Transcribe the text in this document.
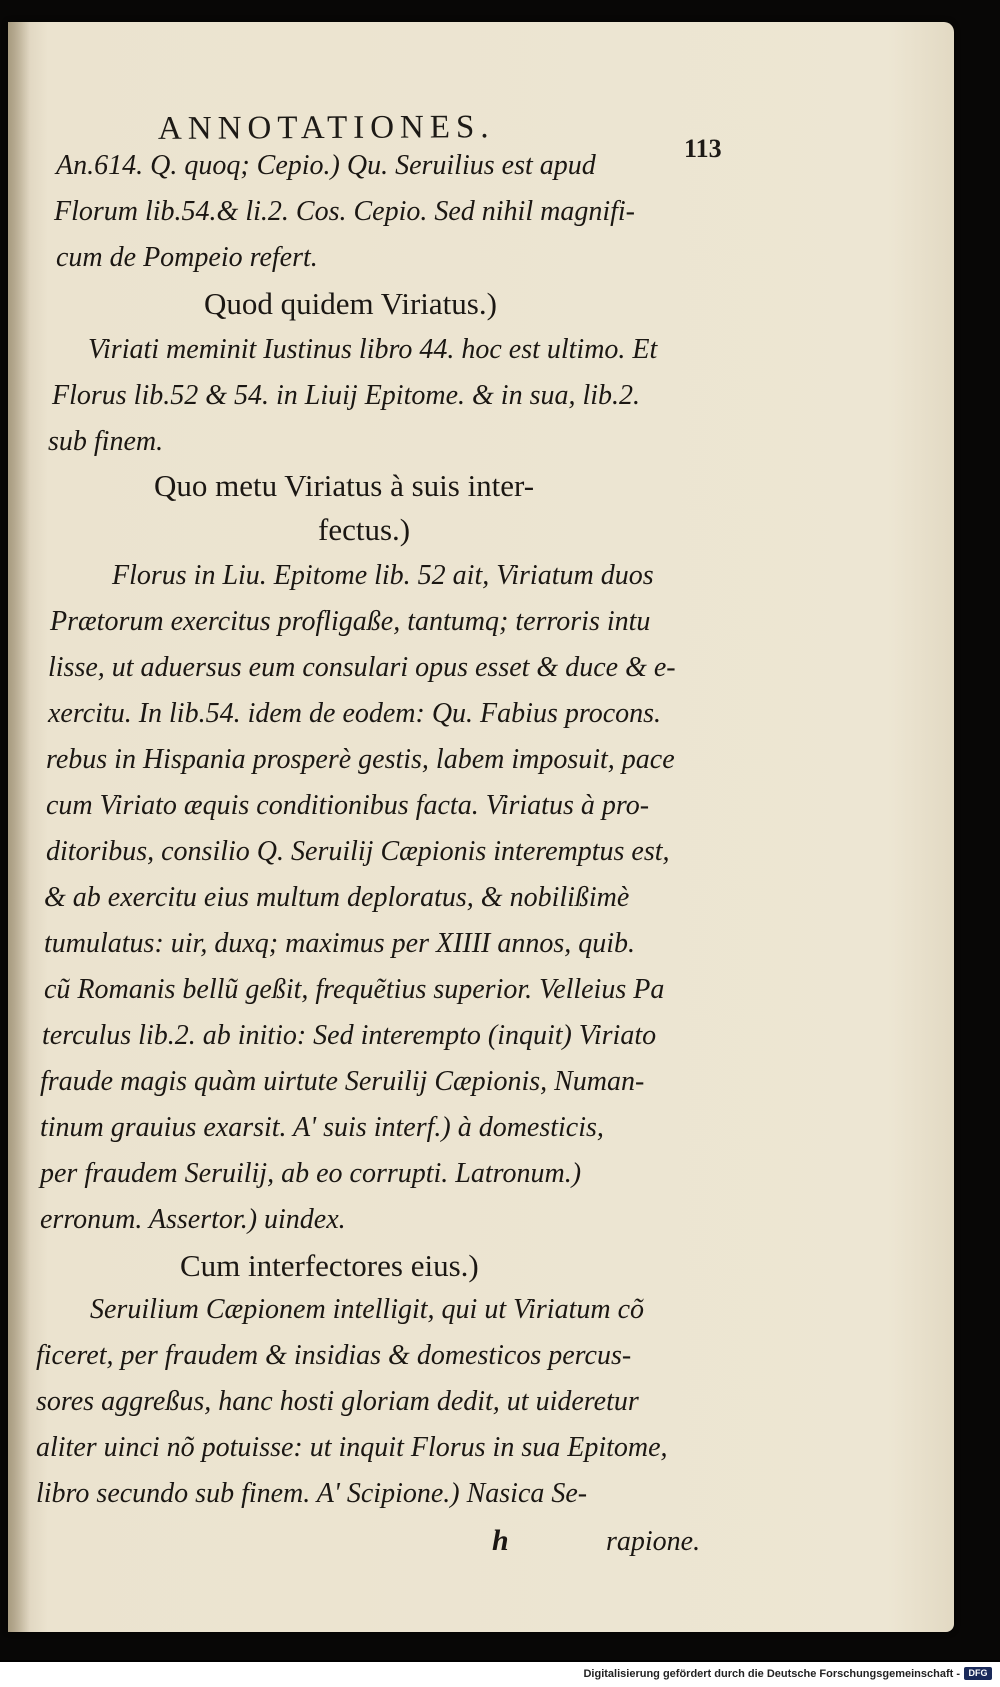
ANNOTATIONES.
113
An.614. Q. quoq; Cepio.) Qu. Seruilius est apud
Florum lib.54.& li.2. Cos. Cepio. Sed nihil magnifi-
cum de Pompeio refert.
Quod quidem Viriatus.)
Viriati meminit Iustinus libro 44. hoc est ultimo. Et
Florus lib.52 & 54. in Liuij Epitome. & in sua, lib.2.
sub finem.
Quo metu Viriatus à suis inter-
fectus.)
Florus in Liu. Epitome lib. 52 ait, Viriatum duos
Prætorum exercitus profligaße, tantumq; terroris intu
lisse, ut aduersus eum consulari opus esset & duce & e-
xercitu. In lib.54. idem de eodem: Qu. Fabius procons.
rebus in Hispania prosperè gestis, labem imposuit, pace
cum Viriato æquis conditionibus facta. Viriatus à pro-
ditoribus, consilio Q. Seruilij Cæpionis interemptus est,
& ab exercitu eius multum deploratus, & nobilißimè
tumulatus: uir, duxq; maximus per XIIII annos, quib.
cũ Romanis bellũ geßit, frequẽtius superior. Velleius Pa
terculus lib.2. ab initio: Sed interempto (inquit) Viriato
fraude magis quàm uirtute Seruilij Cæpionis, Numan-
tinum grauius exarsit. A' suis interf.) à domesticis,
per fraudem Seruilij, ab eo corrupti. Latronum.)
erronum. Assertor.) uindex.
Cum interfectores eius.)
Seruilium Cæpionem intelligit, qui ut Viriatum cõ
ficeret, per fraudem & insidias & domesticos percus-
sores aggreßus, hanc hosti gloriam dedit, ut uideretur
aliter uinci nõ potuisse: ut inquit Florus in sua Epitome,
libro secundo sub finem. A' Scipione.) Nasica Se-
h	rapione.
Digitalisierung gefördert durch die Deutsche Forschungsgemeinschaft - DFG
